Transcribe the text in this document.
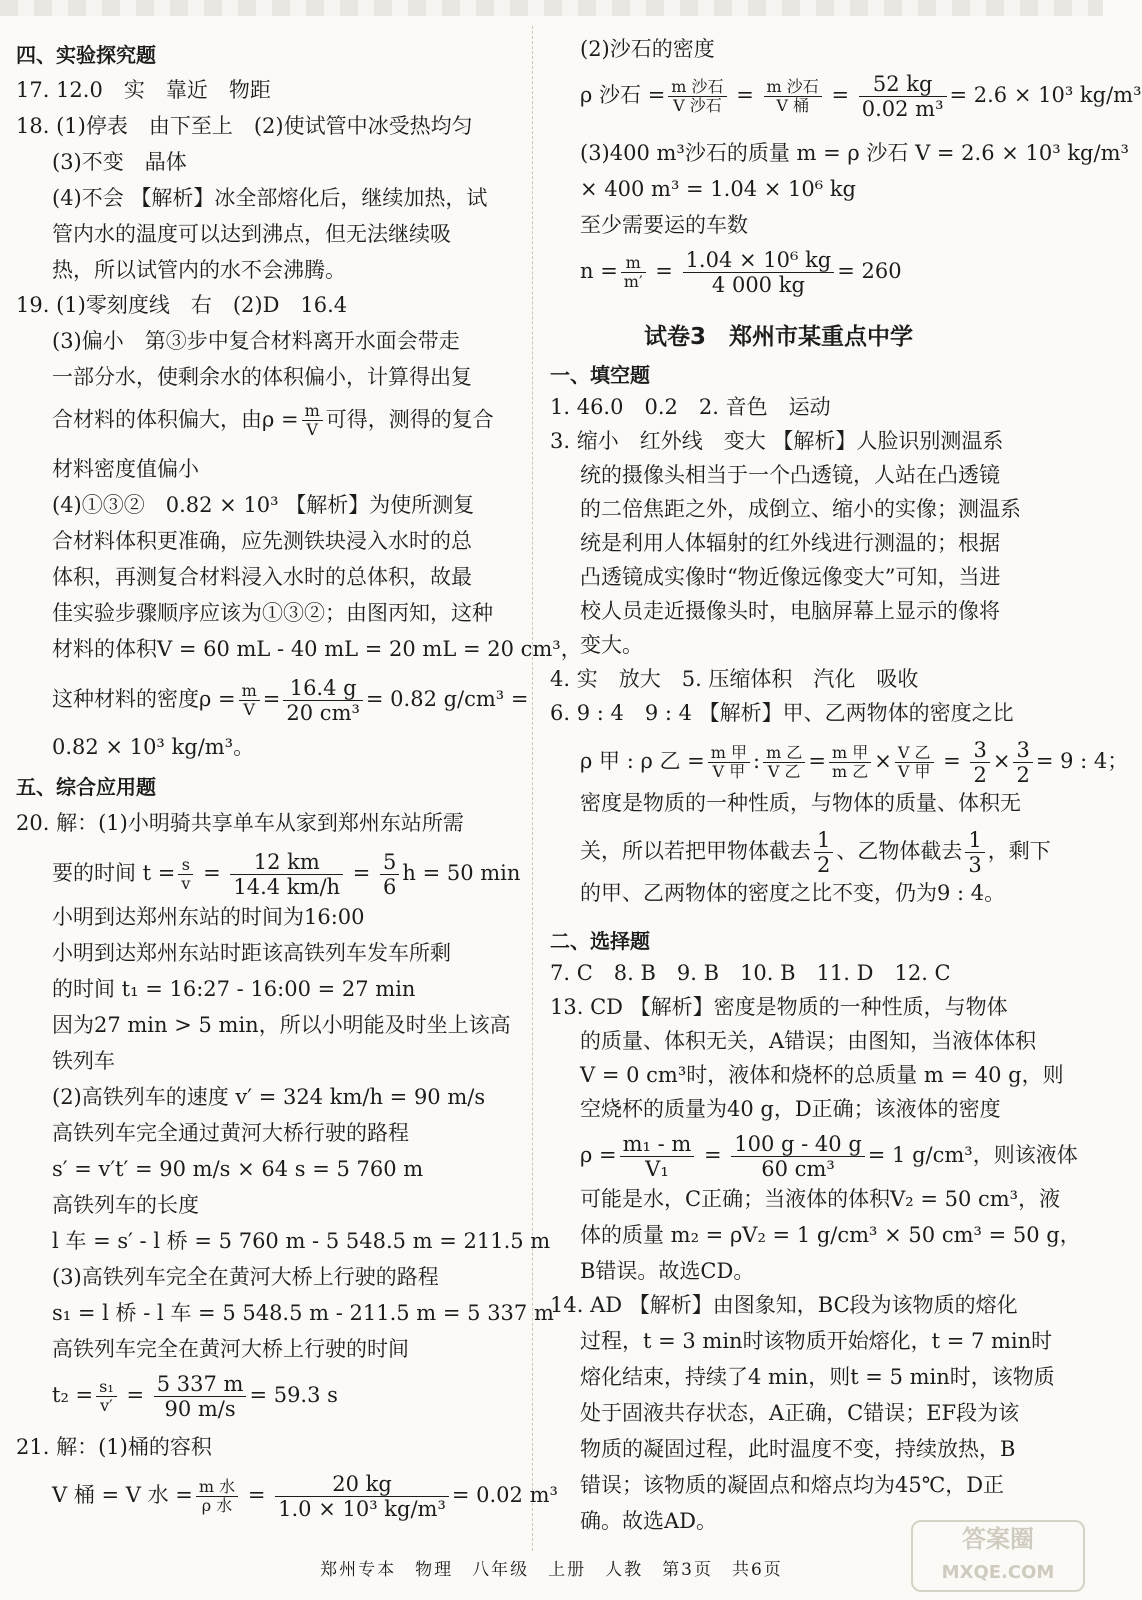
四、实验探究题
17. 12.0　实　靠近　物距
18. (1)停表　由下至上　(2)使试管中冰受热均匀
(3)不变　晶体
(4)不会 【解析】冰全部熔化后，继续加热，试
管内水的温度可以达到沸点，但无法继续吸
热，所以试管内的水不会沸腾。
19. (1)零刻度线　右　(2)D　16.4
(3)偏小　第③步中复合材料离开水面会带走
一部分水，使剩余水的体积偏小，计算得出复
合材料的体积偏大，由$\rho = \frac{m}{V}$ 可得，测得的复合
材料密度值偏小
(4)①③②　0.82 × 10³ 【解析】为使所测复
合材料体积更准确，应先测铁块浸入水时的总
体积，再测复合材料浸入水时的总体积，故最
佳实验步骤顺序应该为①③②；由图丙知，这种
材料的体积V = 60 mL - 40 mL = 20 mL = 20 cm³，
这种材料的密度$\rho = \frac{m}{V} = \frac{16.4 g}{\text{20 cm³}} = 0.82$ g/cm³ =
0.82 × 10³ kg/m³。
五、综合应用题
20. 解：(1)小明骑共享单车从家到郑州东站所需
要的时间 $t = \frac{s}{v} = \frac{12 km}{14.4 km/h} = \frac{5}{6}$ h = 50 min
小明到达郑州东站的时间为16:00
小明到达郑州东站时距该高铁列车发车所剩
的时间 t₁ = 16:27 - 16:00 = 27 min
因为27 min > 5 min，所以小明能及时坐上该高
铁列车
(2)高铁列车的速度 v′ = 324 km/h = 90 m/s
高铁列车完全通过黄河大桥行驶的路程
s′ = v′t′ = 90 m/s × 64 s = 5 760 m
高铁列车的长度
l 车 = s′ - l 桥 = 5 760 m - 5 548.5 m = 211.5 m
(3)高铁列车完全在黄河大桥上行驶的路程
s₁ = l 桥 - l 车 = 5 548.5 m - 211.5 m = 5 337 m
高铁列车完全在黄河大桥上行驶的时间
$t_2 = \frac{\text{s₁}}{v'} = \frac{5 337 m}{90 m/s} = 59.3$ s
21. 解：(1)桶的容积
V 桶 = V 水 = $\frac{\text{m 水}}{\text{ρ 水}} = \frac{20 kg}{\text{1.0 × 10³ kg/m³}} = 0.02$ m³
(2)沙石的密度
ρ 沙石 = $\frac{\text{m 沙石}}{\text{V 沙石}} = \frac{\text{m 沙石}}{\text{V 桶}} = \frac{52 kg}{\text{0.02 m³}} = 2.6 \times 10^3$ kg/m³
(3)400 m³沙石的质量 m = ρ 沙石 V = 2.6 × 10³ kg/m³
× 400 m³ = 1.04 × 10⁶ kg
至少需要运的车数
$n = \frac{m}{m'} = \frac{\text{1.04 × 10⁶ kg}}{4 000 kg} = 260$
试卷3　郑州市某重点中学
一、填空题
1. 46.0　0.2　2. 音色　运动
3. 缩小　红外线　变大 【解析】人脸识别测温系
统的摄像头相当于一个凸透镜，人站在凸透镜
的二倍焦距之外，成倒立、缩小的实像；测温系
统是利用人体辐射的红外线进行测温的；根据
凸透镜成实像时“物近像远像变大”可知，当进
校人员走近摄像头时，电脑屏幕上显示的像将
变大。
4. 实　放大　5. 压缩体积　汽化　吸收
6. 9 : 4　9 : 4 【解析】甲、乙两物体的密度之比
ρ 甲 : ρ 乙 = $\frac{\text{m 甲}}{\text{V 甲}}$ : $\frac{\text{m 乙}}{\text{V 乙}} = \frac{\text{m 甲}}{\text{m 乙}} \times \frac{\text{V 乙}}{\text{V 甲}} = \frac{3}{2} \times \frac{3}{2} = 9$ : 4；
密度是物质的一种性质，与物体的质量、体积无
关，所以若把甲物体截去 $\frac{1}{2}$ 、乙物体截去 $\frac{1}{3}$ ，剩下
的甲、乙两物体的密度之比不变，仍为9 : 4。
二、选择题
7. C　8. B　9. B　10. B　11. D　12. C
13. CD 【解析】密度是物质的一种性质，与物体
的质量、体积无关，A错误；由图知，当液体体积
V = 0 cm³时，液体和烧杯的总质量 m = 40 g，则
空烧杯的质量为40 g，D正确；该液体的密度
$\rho = \frac{\text{m₁ - m}}{\text{V₁}} = \frac{100 g - 40 g}{\text{60 cm³}} = 1$ g/cm³，则该液体
可能是水，C正确；当液体的体积V₂ = 50 cm³，液
体的质量 m₂ = ρV₂ = 1 g/cm³ × 50 cm³ = 50 g，
B错误。故选CD。
14. AD 【解析】由图象知，BC段为该物质的熔化
过程，t = 3 min时该物质开始熔化，t = 7 min时
熔化结束，持续了4 min，则t = 5 min时，该物质
处于固液共存状态，A正确，C错误；EF段为该
物质的凝固过程，此时温度不变，持续放热，B
错误；该物质的凝固点和熔点均为45℃，D正
确。故选AD。
郑州专本　物理　八年级　上册　人教　第3页　共6页
答案圈
MXQE.COM
